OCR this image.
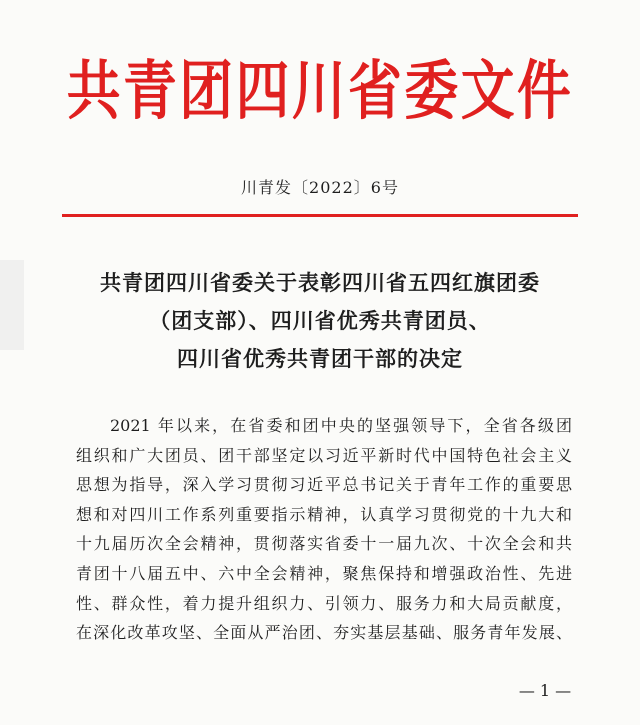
共青团四川省委文件
川青发〔2022〕6号
共青团四川省委关于表彰四川省五四红旗团委
（团支部）、四川省优秀共青团员、
四川省优秀共青团干部的决定
2021 年以来，在省委和团中央的坚强领导下，全省各级团
组织和广大团员、团干部坚定以习近平新时代中国特色社会主义
思想为指导，深入学习贯彻习近平总书记关于青年工作的重要思
想和对四川工作系列重要指示精神，认真学习贯彻党的十九大和
十九届历次全会精神，贯彻落实省委十一届九次、十次全会和共
青团十八届五中、六中全会精神，聚焦保持和增强政治性、先进
性、群众性，着力提升组织力、引领力、服务力和大局贡献度，
在深化改革攻坚、全面从严治团、夯实基层基础、服务青年发展、
— 1 —
